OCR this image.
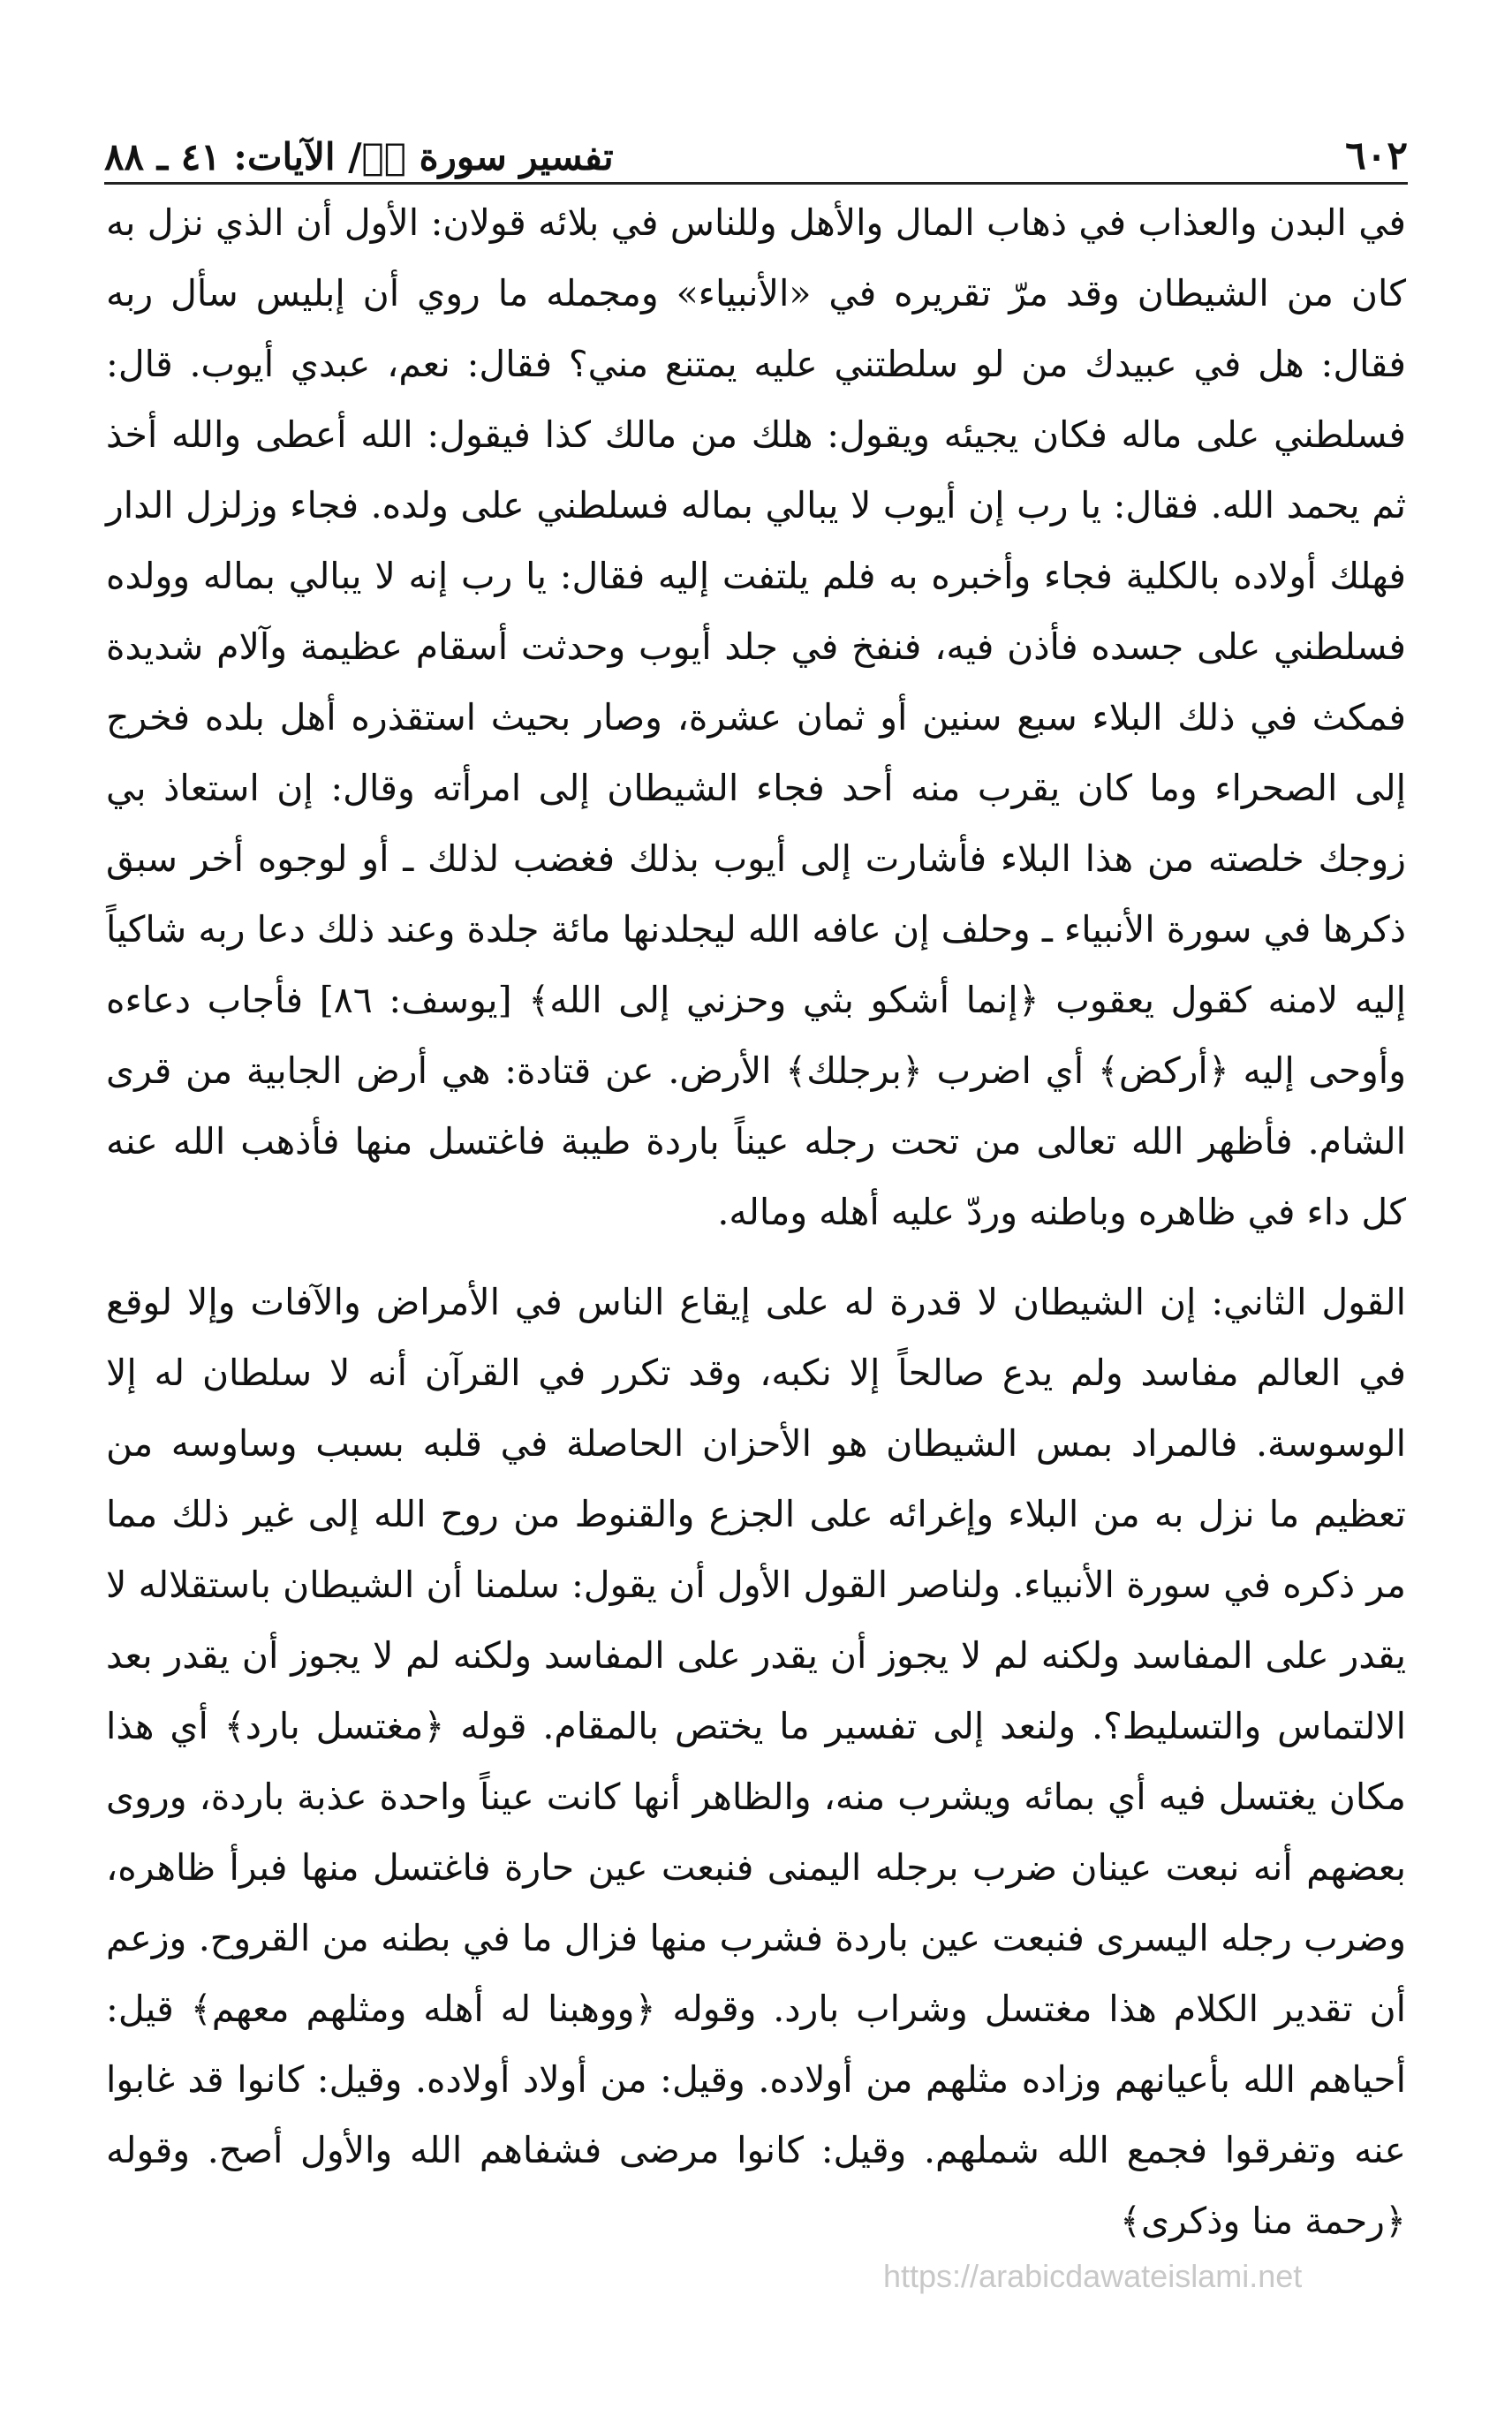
٦٠٢
تفسير سورة صۤ/ الآيات: ٤١ ـ ٨٨

في البدن والعذاب في ذهاب المال والأهل وللناس في بلائه قولان: الأول أن الذي نزل به كان من الشيطان وقد مرّ تقريره في «الأنبياء» ومجمله ما روي أن إبليس سأل ربه فقال: هل في عبيدك من لو سلطتني عليه يمتنع مني؟ فقال: نعم، عبدي أيوب. قال: فسلطني على ماله فكان يجيئه ويقول: هلك من مالك كذا فيقول: الله أعطى والله أخذ ثم يحمد الله. فقال: يا رب إن أيوب لا يبالي بماله فسلطني على ولده. فجاء وزلزل الدار فهلك أولاده بالكلية فجاء وأخبره به فلم يلتفت إليه فقال: يا رب إنه لا يبالي بماله وولده فسلطني على جسده فأذن فيه، فنفخ في جلد أيوب وحدثت أسقام عظيمة وآلام شديدة فمكث في ذلك البلاء سبع سنين أو ثمان عشرة، وصار بحيث استقذره أهل بلده فخرج إلى الصحراء وما كان يقرب منه أحد فجاء الشيطان إلى امرأته وقال: إن استعاذ بي زوجك خلصته من هذا البلاء فأشارت إلى أيوب بذلك فغضب لذلك ـ أو لوجوه أخر سبق ذكرها في سورة الأنبياء ـ وحلف إن عافه الله ليجلدنها مائة جلدة وعند ذلك دعا ربه شاكياً إليه لامنه كقول يعقوب ﴿إنما أشكو بثي وحزني إلى الله﴾ [يوسف: ٨٦] فأجاب دعاءه وأوحى إليه ﴿أركض﴾ أي اضرب ﴿برجلك﴾ الأرض. عن قتادة: هي أرض الجابية من قرى الشام. فأظهر الله تعالى من تحت رجله عيناً باردة طيبة فاغتسل منها فأذهب الله عنه كل داء في ظاهره وباطنه وردّ عليه أهله وماله.

القول الثاني: إن الشيطان لا قدرة له على إيقاع الناس في الأمراض والآفات وإلا لوقع في العالم مفاسد ولم يدع صالحاً إلا نكبه، وقد تكرر في القرآن أنه لا سلطان له إلا الوسوسة. فالمراد بمس الشيطان هو الأحزان الحاصلة في قلبه بسبب وساوسه من تعظيم ما نزل به من البلاء وإغرائه على الجزع والقنوط من روح الله إلى غير ذلك مما مر ذكره في سورة الأنبياء. ولناصر القول الأول أن يقول: سلمنا أن الشيطان باستقلاله لا يقدر على المفاسد ولكنه لم لا يجوز أن يقدر على المفاسد ولكنه لم لا يجوز أن يقدر بعد الالتماس والتسليط؟. ولنعد إلى تفسير ما يختص بالمقام. قوله ﴿مغتسل بارد﴾ أي هذا مكان يغتسل فيه أي بمائه ويشرب منه، والظاهر أنها كانت عيناً واحدة عذبة باردة، وروى بعضهم أنه نبعت عينان ضرب برجله اليمنى فنبعت عين حارة فاغتسل منها فبرأ ظاهره، وضرب رجله اليسرى فنبعت عين باردة فشرب منها فزال ما في بطنه من القروح. وزعم أن تقدير الكلام هذا مغتسل وشراب بارد. وقوله ﴿ووهبنا له أهله ومثلهم معهم﴾ قيل: أحياهم الله بأعيانهم وزاده مثلهم من أولاده. وقيل: من أولاد أولاده. وقيل: كانوا قد غابوا عنه وتفرقوا فجمع الله شملهم. وقيل: كانوا مرضى فشفاهم الله والأول أصح. وقوله ﴿رحمة منا وذكرى﴾

https://arabicdawateislami.net
